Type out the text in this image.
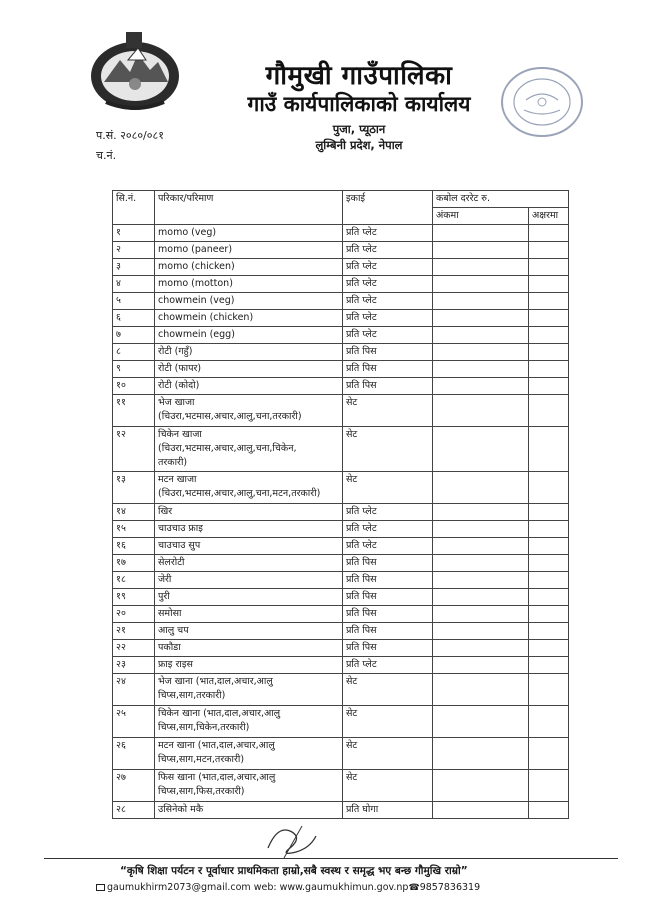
गौमुखी गाउँपालिका
गाउँ कार्यपालिकाको कार्यालय
पुजा, प्यूठान
लुम्बिनी प्रदेश, नेपाल
प.सं. २०८०/०८१
च.नं.
सि.नं.	परिकार/परिमाण	इकाई	कबोल दररेट रु.	
			अंकमा	अक्षरमा
१	momo (veg)	प्रति प्लेट		
२	momo (paneer)	प्रति प्लेट		
३	momo (chicken)	प्रति प्लेट		
४	momo (motton)	प्रति प्लेट		
५	chowmein (veg)	प्रति प्लेट		
६	chowmein (chicken)	प्रति प्लेट		
७	chowmein (egg)	प्रति प्लेट		
८	रोटी (गहुँ)	प्रति पिस		
९	रोटी (फापर)	प्रति पिस		
१०	रोटी (कोदो)	प्रति पिस		
११	भेज खाजा
(चिउरा,भटमास,अचार,आलु,चना,तरकारी)	सेट		
१२	चिकेन खाजा
(चिउरा,भटमास,अचार,आलु,चना,चिकेन,
तरकारी)	सेट		
१३	मटन खाजा
(चिउरा,भटमास,अचार,आलु,चना,मटन,तरकारी)	सेट		
१४	खिर	प्रति प्लेट		
१५	चाउचाउ फ्राइ	प्रति प्लेट		
१६	चाउचाउ सुप	प्रति प्लेट		
१७	सेलरोटी	प्रति पिस		
१८	जेरी	प्रति पिस		
१९	पुरी	प्रति पिस		
२०	समोसा	प्रति पिस		
२१	आलु चप	प्रति पिस		
२२	पकौडा	प्रति पिस		
२३	फ्राइ राइस	प्रति प्लेट		
२४	भेज खाना (भात,दाल,अचार,आलु
चिप्स,साग,तरकारी)	सेट		
२५	चिकेन खाना (भात,दाल,अचार,आलु
चिप्स,साग,चिकेन,तरकारी)	सेट		
२६	मटन खाना (भात,दाल,अचार,आलु
चिप्स,साग,मटन,तरकारी)	सेट		
२७	फिस खाना (भात,दाल,अचार,आलु
चिप्स,साग,फिस,तरकारी)	सेट		
२८	उसिनेको मकै	प्रति घोगा		
“कृषि शिक्षा पर्यटन र पूर्वाधार प्राथमिकता हाम्रो,सबै स्वस्थ र समृद्ध भए बन्छ गौमुखि राम्रो”
gaumukhirm2073@gmail.com web: www.gaumukhimun.gov.np☎9857836319
